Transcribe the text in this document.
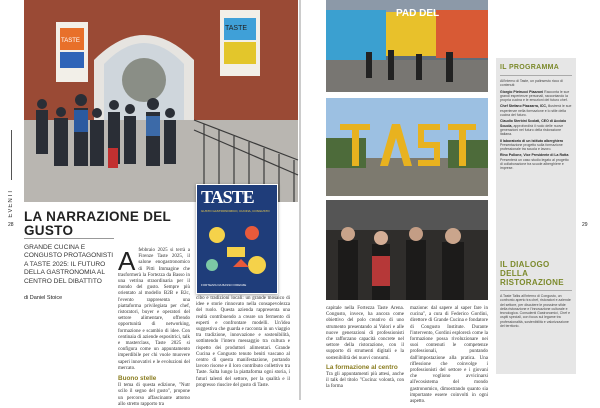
EVENTI
28
TASTE
TASTE
TASTE
GUSTO GASTRONOMICO, CUCINA, CONGUSTO
FORTEZZA DA BASSO FIRENZE
LA NARRAZIONE DEL GUSTO
GRANDE CUCINA E CONGUSTO PROTAGONISTI A TASTE 2025: IL FUTURO DELLA GASTRONOMIA AL CENTRO DEL DIBATTITO
di Daniel Stoice
A febbraio 2025 si terrà a Firenze Taste 2025, il salone enogastronomico di Pitti Immagine che trasformerà la Fortezza da Basso in una vetrina straordinaria per il mondo del gusto. Sempre più orientato al modello B2B e B2c, l'evento rappresenta una piattaforma privilegiata per chef, ristoratori, buyer e operatori del settore alimentare, offrendo opportunità di networking, formazione e scambio di idee. Con centinaia di aziende espositrici, talk e masterclass, Taste 2025 si configura come un appuntamento imperdibile per chi vuole muovere saperi innovativi e le evoluzioni del mercato.
Buono stelle
Il tema di questa edizione, "Nutr scilo il segno del gusto", propone un percorso affascinante attorno allo stretto rapporto tra
cibo e tradizioni locali: un grande mosaico di idee e storie rinnovato nella consapevolezza del ruolo. Questa azienda rappresenta una realtà contribuendo a creare un fermento di esperti e confrontare modelli. Un'idea suggestiva che guarda e racconta in un viaggio tra tradizione, innovazione e sostenibilità, sottintendo l'intero messaggio tra cultura e rispetto dei produttori alimentari. Grande Cucina e Congusto tenuto beniti vascano al centro di questa manifestazione, portando lavoro risorse e il loro contributo collettivo tra Taste. Salta lungo la piattaforma ogni storia, i futuri talenti del settore, per la qualità e il progresso riuscire del gusto di Taste.
29
PAD DEL
capitale nella Fortezza Taste Arena. Congusto, invece, ha ancora come obiettivo del polo creativo di uno strumento presentando ai Valori e alle nuove generazioni di professionisti che rafforzano capacità concrete nel settore della ristorazione, con il supporto di strumenti digitali e la sostenibilità dei nuovi consumi.
La formazione al centro
Tra gli appuntamenti più attesi, anche il talk del titolo "Cucina: volontà, con la forma
mazione: dal sapere al saper fare in cucina", a cura di Federico Gordini, direttore di Grande Cucina e fondatore di Congusto Institute. Durante l'intervento, Gordini esplorerà come la formazione possa rivoluzionare nei suoi contenuti le competenze professionali, puntando dall'impostazione alla pratica. Una riflessione che coinvolge i professionisti del settore e i giovani che vogliono avvicinarsi all'ecosistema del mondo gastronomico, dimostrando quanto sia importante essere coinvolti in ogni aspetto.
IL PROGRAMMA

All'interno di Taste, un palinsesto ricco di contenuti:

Giorgio Pietrucci Piazzoni Racconta le sue grandi esperienze personali, raccontando la propria cucina e le emozioni del futuro chef.

Chef Stefano Piazzarra, ICC, illustrerà le sue esperienze nella formazione e lo stile della cucina del futuro.

Claudio Sterbini Scolati, CEO di Acciaio Scuola, approfondirà il ruolo delle nuove generazioni nel futuro della ristorazione italiana.

Il laboratorio di un istituto alberghiero Presentazione progetto sulla formazione professionale tra scuola e lavoro.

Rino Pollone, Vice Presidente di La Rotta Presenterà un caso studio legato al progetto di collaborazione tra scuole alberghiere e imprese.

IL DIALOGO DELLA RISTORAZIONE

A Taste Talks all'interno di Congusto, un confronto aperto tra chef, ristoratori e aziende del settore, per discutere le prossime sfide della ristorazione e l'innovazione culturale e tecnologica. Consulenti Gastronomici, Chef e ospiti speciali, con focus sul legame tra professionalità, sostenibilità e valorizzazione del territorio.
